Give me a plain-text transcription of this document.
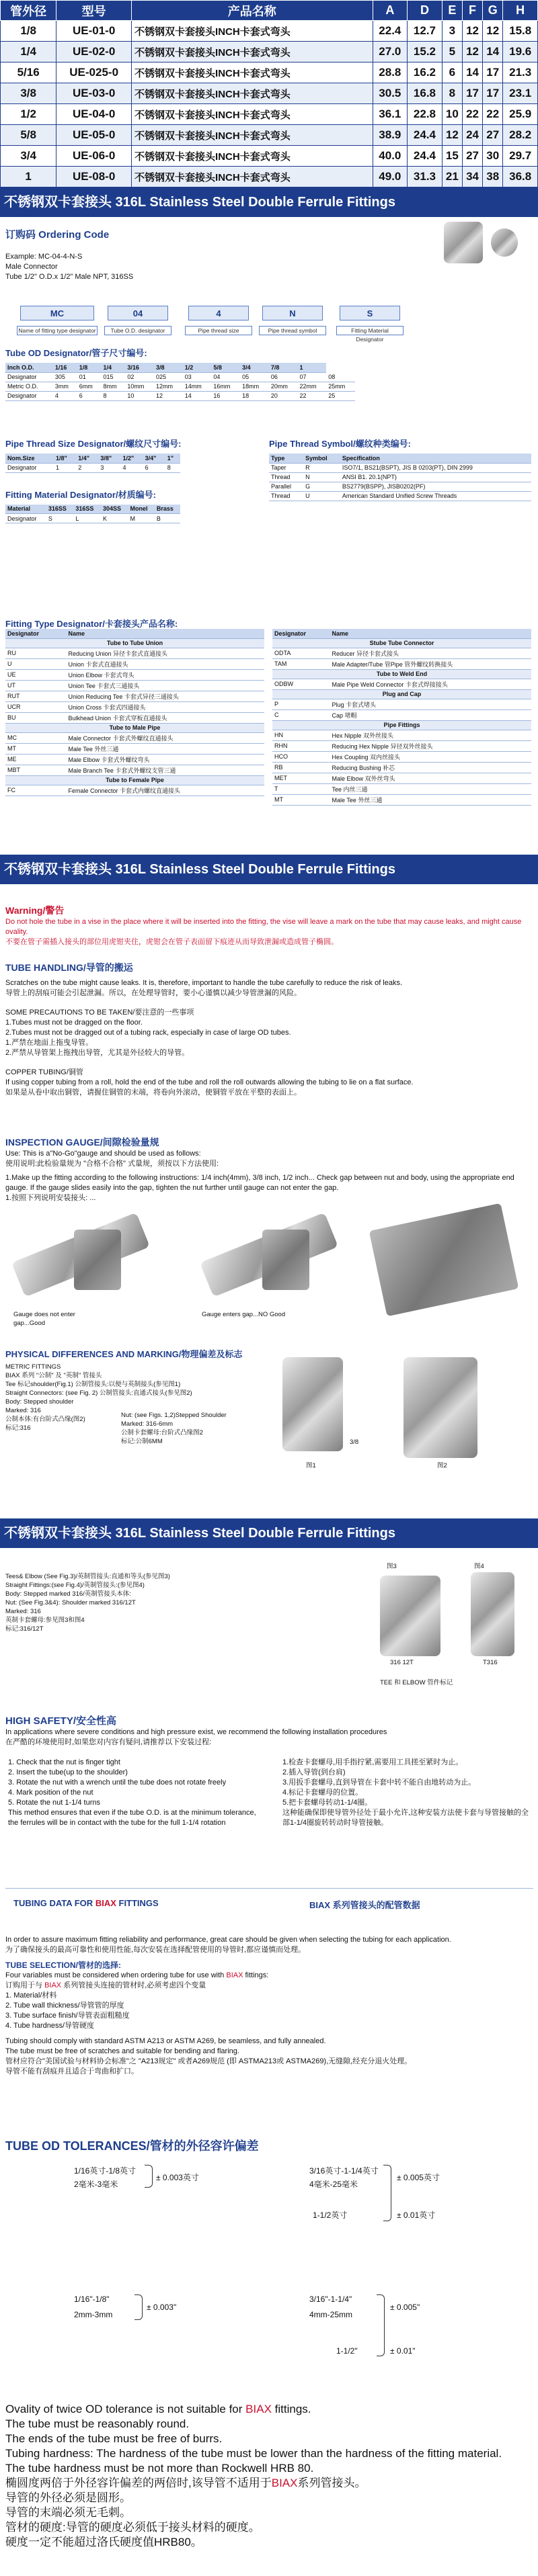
管外径	型号	产品名称	A	D	E	F	G	H
1/8	UE-01-0	不锈钢双卡套接头INCH卡套式弯头	22.4	12.7	3	12	12	15.8
1/4	UE-02-0	不锈钢双卡套接头INCH卡套式弯头	27.0	15.2	5	12	14	19.6
5/16	UE-025-0	不锈钢双卡套接头INCH卡套式弯头	28.8	16.2	6	14	17	21.3
3/8	UE-03-0	不锈钢双卡套接头INCH卡套式弯头	30.5	16.8	8	17	17	23.1
1/2	UE-04-0	不锈钢双卡套接头INCH卡套式弯头	36.1	22.8	10	22	22	25.9
5/8	UE-05-0	不锈钢双卡套接头INCH卡套式弯头	38.9	24.4	12	24	27	28.2
3/4	UE-06-0	不锈钢双卡套接头INCH卡套式弯头	40.0	24.4	15	27	30	29.7
1	UE-08-0	不锈钢双卡套接头INCH卡套式弯头	49.0	31.3	21	34	38	36.8
不锈钢双卡套接头 316L Stainless Steel Double Ferrule Fittings
订购码 Ordering Code
Example: MC-04-4-N-S
Male Connector
Tube 1/2" O.D.x 1/2" Male NPT, 316SS
MC
Name of fitting type designator
04
Tube O.D. designator
4
Pipe thread size
N
Pipe thread symbol
S
Fitting Material Designator
Tube OD Designator/管子尺寸编号:
Inch O.D.	1/16	1/8	1/4	3/16	3/8	1/2	5/8	3/4	7/8	1	
Designator	305	01	015	02	025	03	04	05	06	07	08
Metric O.D.	3mm	6mm	8mm	10mm	12mm	14mm	16mm	18mm	20mm	22mm	25mm
Designator	4	6	8	10	12	14	16	18	20	22	25
Pipe Thread Size Designator/螺纹尺寸编号:
Nom.Size	1/8"	1/4"	3/8"	1/2"	3/4"	1"
Designator	1	2	3	4	6	8
Fitting Material Designator/材质编号:
Material	316SS	316SS	304SS	Monel	Brass
Designator	S	L	K	M	B
Pipe Thread Symbol/螺纹种类编号:
Type	Symbol	Specification
Taper	R	ISO7/1, BS21(BSPT), JIS B 0203(PT), DIN 2999
Thread	N	ANSI B1. 20.1(NPT)
Parallel	G	BS2779(BSPP), JISB0202(PF)
Thread	U	American Standard Unified Screw Threads
Fitting Type Designator/卡套接头产品名称:
Designator	Name
Tube to Tube Union	
RU	Reducing Union 异径卡套式直通接头
U	Union 卡套式直通接头
UE	Union Elbow 卡套式弯头
UT	Union Tee 卡套式三通接头
RUT	Union Reducing Tee 卡套式异径三通接头
UCR	Union Cross 卡套式四通接头
BU	Bulkhead Union 卡套式穿板直通接头
Tube to Male Pipe	
MC	Male Connector 卡套式外螺纹直通接头
MT	Male Tee 外丝三通
ME	Male Elbow 卡套式外螺纹弯头
MBT	Male Branch Tee 卡套式外螺纹支管三通
Tube to Female Pipe	
FC	Female Connector 卡套式内螺纹直通接头
Designator	Name
Stube Tube Connector	
ODTA	Reducer 异径卡套式接头
TAM	Male Adapter/Tube 管Pipe 管外螺纹转换接头
Tube to Weld End	
ODBW	Male Pipe Weld Connector 卡套式焊接接头
Plug and Cap	
P	Plug 卡套式堵头
C	Cap 堵帽
Pipe Fittings	
HN	Hex Nipple 双外丝接头
RHN	Reducing Hex Nipple 异径双外丝接头
HCO	Hex Coupling 双内丝接头
RB	Reducing Bushing 补芯
MET	Male Elbow 双外丝弯头
T	Tee 内丝三通
MT	Male Tee 外丝三通
不锈钢双卡套接头 316L Stainless Steel Double Ferrule Fittings
Warning/警告
Do not hole the tube in a vise in the place where it will be inserted into the fitting, the vise will leave a mark on the tube that may cause leaks, and might cause ovality.
不要在管子需插入接头的部位用虎钳夹住，虎钳会在管子表面留下痕迹从而导致泄漏或造成管子椭圆。
TUBE HANDLING/导管的搬运
Scratches on the tube might cause leaks. It is, therefore, important to handle the tube carefully to reduce the risk of leaks.
导管上的刮痕可能会引起泄漏。所以，在处理导管时，要小心谨慎以减少导管泄漏的风险。
SOME PRECAUTIONS TO BE TAKEN/要注意的一些事项
1.Tubes must not be dragged on the floor.
2.Tubes must not be dragged out of a tubing rack, especially in case of large OD tubes.
1.严禁在地面上拖曳导管。
2.严禁从导管架上拖拽出导管，尤其是外径较大的导管。
COPPER TUBING/铜管
If using copper tubing from a roll, hold the end of the tube and roll the roll outwards allowing the tubing to lie on a flat surface.
如果是从卷中取出铜管，请握住铜管的末端，将卷向外滚动，使铜管平放在平整的表面上。
INSPECTION GAUGE/间隙检验量规
Use: This is a"No-Go"gauge and should be used as follows:
使用说明:此检验量规为 "合格不合格" 式量规，须按以下方法使用:
1.Make up the fitting according to the following instructions: 1/4 inch(4mm), 3/8 inch, 1/2 inch... Check gap between nut and body, using the appropriate end gauge. If the gauge slides easily into the gap, tighten the nut further until gauge can not enter the gap.
1.按照下列说明安装接头: ...
Gauge does not enter gap...Good
Gauge enters gap...NO Good
PHYSICAL DIFFERENCES AND MARKING/物理偏差及标志
METRIC FITTINGS
BIAX 系列 "公制" 及 "英制" 管接头
Tee 标记shoulder(Fig.1) 公制管接头:以便与英制接头(参见图1)
Straight Connectors: (see Fig. 2) 公制管接头:直通式接头(参见图2)
Body: Stepped shoulder
Marked: 316
公制本体:有台阶式凸缘(图2)
标记:316
Nut: (see Figs. 1,2)Stepped Shoulder
Marked: 316-6mm
公制卡套螺母:台阶式凸缘图2
标记:公制6MM
图1	图2
3/8
不锈钢双卡套接头 316L Stainless Steel Double Ferrule Fittings
Tees& Elbow (See Fig.3)/英制管接头:直通和等头(参见图3)
Straight Fittings:(see Fig.4)/英制管接头:(参见图4)
Body: Stepped marked 316/英制管接头本体:
Nut: (See Fig.3&4): Shoulder marked 316/12T
Marked: 316
英制卡套螺母:参见图3和图4
标记:316/12T
图3	图4
316 12T	T316
TEE 和 ELBOW 管件标记
HIGH SAFETY/安全性高
In applications where severe conditions and high pressure exist, we recommend the following installation procedures
在严酷的环境使用时,如果您对内容有疑问,请推荐以下安装过程:
1. Check that the nut is finger tight
2. Insert the tube(up to the shoulder)
3. Rotate the nut with a wrench until the tube does not rotate freely
4. Mark position of the nut
5. Rotate the nut 1-1/4 turns
This method ensures that even if the tube O.D. is at the minimum tolerance, the ferrules will be in contact with the tube for the full 1-1/4 rotation
1.检查卡套螺母,用手指拧紧,需要用工具搓至紧时为止。
2.插入导管(到台肩)
3.用扳手套螺母,直到导管在卡套中转不能自由地转动为止。
4.标记卡套螺母的位置。
5.把卡套螺母转动1-1/4圈。
这种能确保即使导管外径处于最小允许,这种安装方法使卡套与导管接触的全部1-1/4圈旋转转动时导管接触。
TUBING DATA FOR BIAX FITTINGS	BIAX 系列管接头的配管数据
In order to assure maximum fitting reliability and performance, great care should be given when selecting the tubing for each application.
为了确保接头的最高可靠性和使用性能,每次安装在选择配管使用的导管时,都应谨慎而处理。
TUBE SELECTION/管材的选择:
Four variables must be considered when ordering tube for use with BIAX fittings:
订购用于与 BIAX 系列管接头连接的管材时,必须考虑四个变量
1. Material/材料
2. Tube wall thickness/导管管的厚度
3. Tube surface finish/导管表面粗糙度
4. Tube hardness/导管硬度
Tubing should comply with standard ASTM A213 or ASTM A269, be seamless, and fully annealed.
The tube must be free of scratches and suitable for bending and flaring.
管材应符合"美国试验与材料协会标准"之 "A213规定" 或者A269规范 (即 ASTMA213或 ASTMA269),无缝隙,经充分退火处理。
导管不能有刮痕并且适合于弯曲和扩口。
TUBE OD TOLERANCES/管材的外径容许偏差
1/16英寸-1/8英寸
2毫米-3毫米
± 0.003英寸
3/16英寸-1-1/4英寸
4毫米-25毫米
1-1/2英寸
± 0.005英寸
± 0.01英寸
1/16"-1/8"
2mm-3mm
± 0.003"
3/16"-1-1/4"
4mm-25mm
1-1/2"
± 0.005"
± 0.01"
Ovality of twice OD tolerance is not suitable for BIAX fittings.
The tube must be reasonably round.
The ends of the tube must be free of burrs.
Tubing hardness: The hardness of the tube must be lower than the hardness of the fitting material.
The tube hardness must be not more than Rockwell HRB 80.
椭圆度两倍于外径容许偏差的两倍时,该导管不适用于BIAX系列管接头。
导管的外径必须是圆形。
导管的末端必须无毛刺。
管材的硬度:导管的硬度必须低于接头材料的硬度。
硬度一定不能超过洛氏硬度值HRB80。
